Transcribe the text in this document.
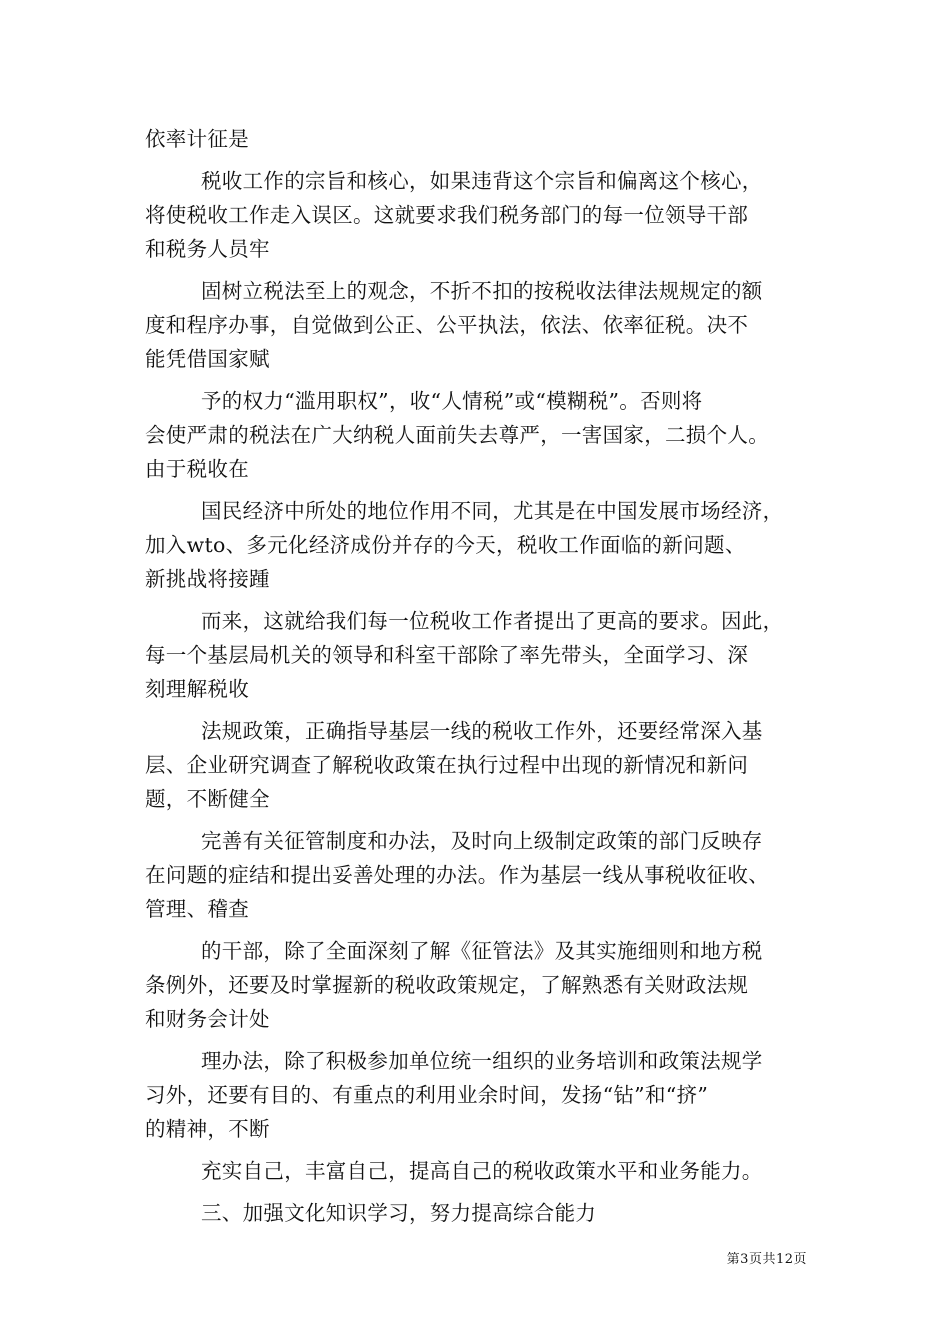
依率计征是
税收工作的宗旨和核心，如果违背这个宗旨和偏离这个核心，
将使税收工作走入误区。这就要求我们税务部门的每一位领导干部
和税务人员牢
固树立税法至上的观念，不折不扣的按税收法律法规规定的额
度和程序办事，自觉做到公正、公平执法，依法、依率征税。决不
能凭借国家赋
予的权力“滥用职权”，收“人情税”或“模糊税”。否则将
会使严肃的税法在广大纳税人面前失去尊严，一害国家，二损个人。
由于税收在
国民经济中所处的地位作用不同，尤其是在中国发展市场经济，
加入wto、多元化经济成份并存的今天，税收工作面临的新问题、
新挑战将接踵
而来，这就给我们每一位税收工作者提出了更高的要求。因此，
每一个基层局机关的领导和科室干部除了率先带头，全面学习、深
刻理解税收
法规政策，正确指导基层一线的税收工作外，还要经常深入基
层、企业研究调查了解税收政策在执行过程中出现的新情况和新问
题，不断健全
完善有关征管制度和办法，及时向上级制定政策的部门反映存
在问题的症结和提出妥善处理的办法。作为基层一线从事税收征收、
管理、稽查
的干部，除了全面深刻了解《征管法》及其实施细则和地方税
条例外，还要及时掌握新的税收政策规定，了解熟悉有关财政法规
和财务会计处
理办法，除了积极参加单位统一组织的业务培训和政策法规学
习外，还要有目的、有重点的利用业余时间，发扬“钻”和“挤”
的精神，不断
充实自己，丰富自己，提高自己的税收政策水平和业务能力。
三、加强文化知识学习，努力提高综合能力
第3页共12页
